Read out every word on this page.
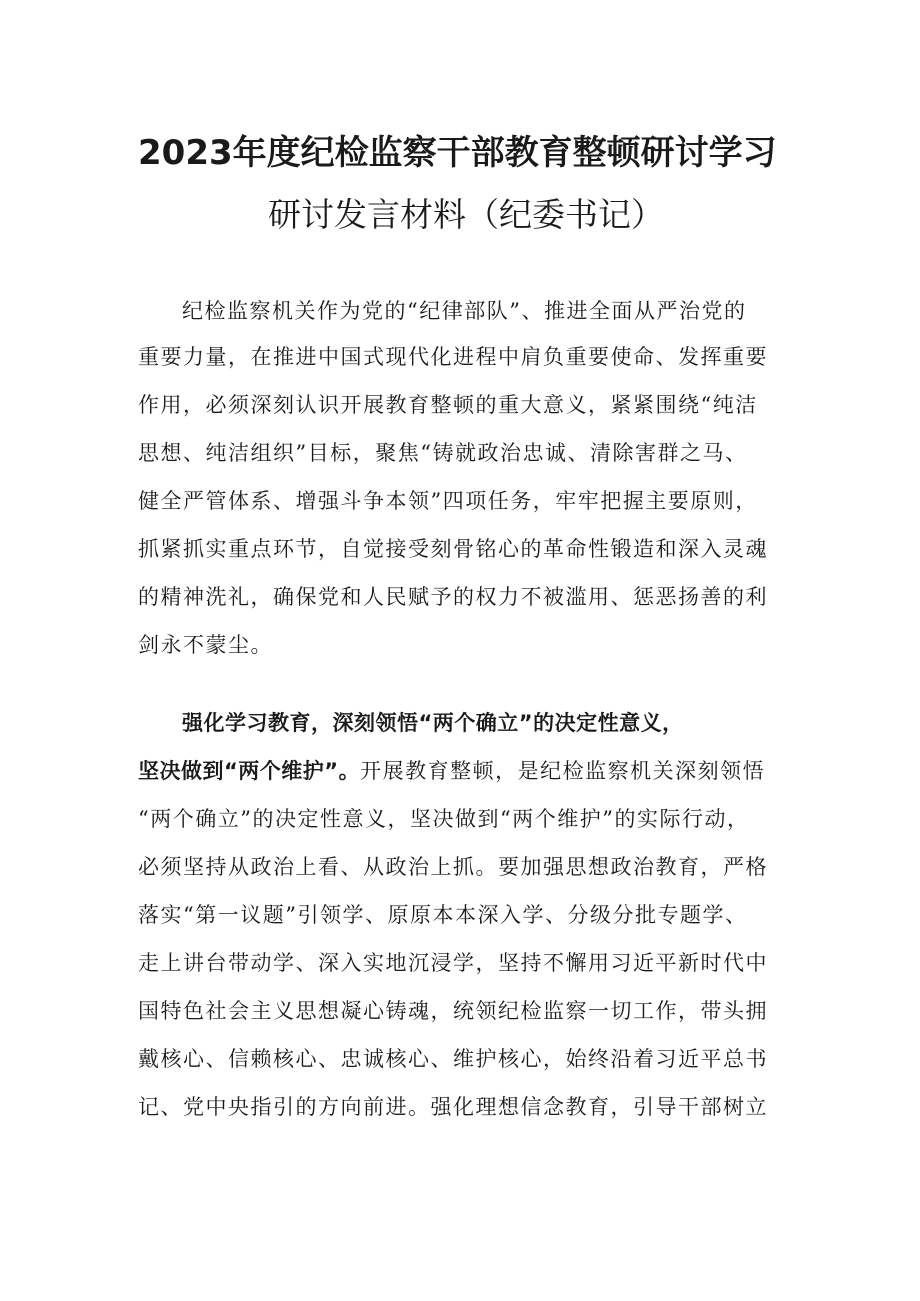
2023年度纪检监察干部教育整顿研讨学习
研讨发言材料（纪委书记）
纪检监察机关作为党的“纪律部队”、推进全面从严治党的
重要力量，在推进中国式现代化进程中肩负重要使命、发挥重要
作用，必须深刻认识开展教育整顿的重大意义，紧紧围绕“纯洁
思想、纯洁组织”目标，聚焦“铸就政治忠诚、清除害群之马、
健全严管体系、增强斗争本领”四项任务，牢牢把握主要原则，
抓紧抓实重点环节，自觉接受刻骨铭心的革命性锻造和深入灵魂
的精神洗礼，确保党和人民赋予的权力不被滥用、惩恶扬善的利
剑永不蒙尘。
强化学习教育，深刻领悟“两个确立”的决定性意义，
坚决做到“两个维护”。开展教育整顿，是纪检监察机关深刻领悟
“两个确立”的决定性意义，坚决做到“两个维护”的实际行动，
必须坚持从政治上看、从政治上抓。要加强思想政治教育，严格
落实“第一议题”引领学、原原本本深入学、分级分批专题学、
走上讲台带动学、深入实地沉浸学，坚持不懈用习近平新时代中
国特色社会主义思想凝心铸魂，统领纪检监察一切工作，带头拥
戴核心、信赖核心、忠诚核心、维护核心，始终沿着习近平总书
记、党中央指引的方向前进。强化理想信念教育，引导干部树立
